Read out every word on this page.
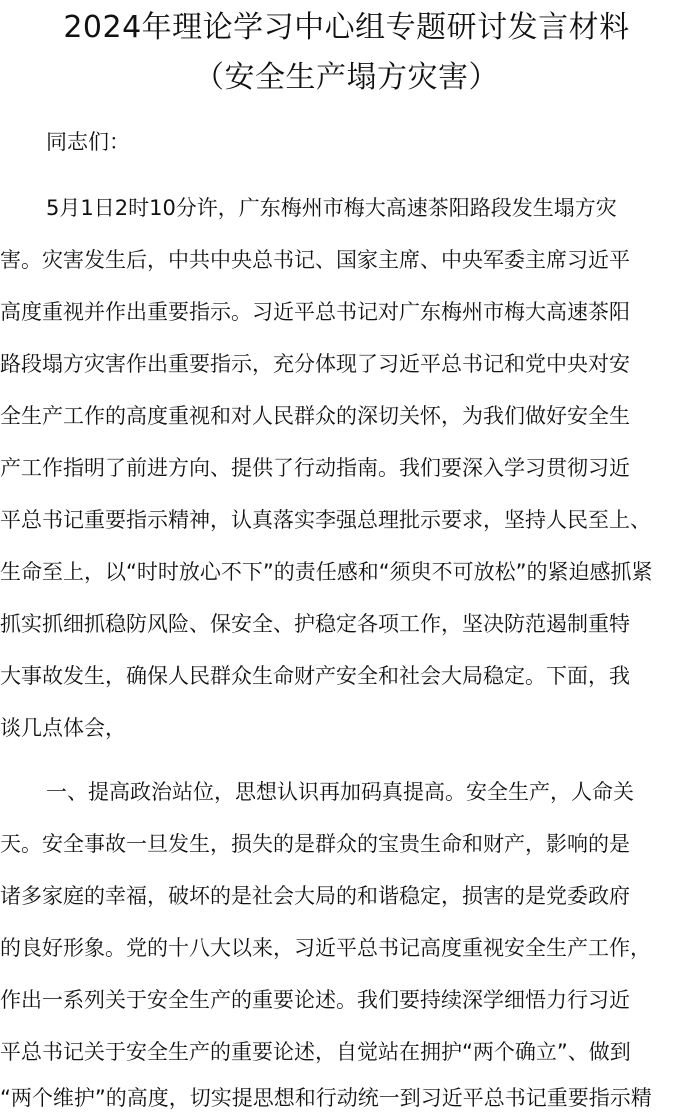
2024年理论学习中心组专题研讨发言材料
（安全生产塌方灾害）
同志们：
5月1日2时10分许，广东梅州市梅大高速茶阳路段发生塌方灾
害。灾害发生后，中共中央总书记、国家主席、中央军委主席习近平
高度重视并作出重要指示。习近平总书记对广东梅州市梅大高速茶阳
路段塌方灾害作出重要指示，充分体现了习近平总书记和党中央对安
全生产工作的高度重视和对人民群众的深切关怀，为我们做好安全生
产工作指明了前进方向、提供了行动指南。我们要深入学习贯彻习近
平总书记重要指示精神，认真落实李强总理批示要求，坚持人民至上、
生命至上，以“时时放心不下”的责任感和“须臾不可放松”的紧迫感抓紧
抓实抓细抓稳防风险、保安全、护稳定各项工作，坚决防范遏制重特
大事故发生，确保人民群众生命财产安全和社会大局稳定。下面，我
谈几点体会，
一、提高政治站位，思想认识再加码真提高。安全生产，人命关
天。安全事故一旦发生，损失的是群众的宝贵生命和财产，影响的是
诸多家庭的幸福，破坏的是社会大局的和谐稳定，损害的是党委政府
的良好形象。党的十八大以来，习近平总书记高度重视安全生产工作，
作出一系列关于安全生产的重要论述。我们要持续深学细悟力行习近
平总书记关于安全生产的重要论述，自觉站在拥护“两个确立”、做到
“两个维护”的高度，切实提思想和行动统一到习近平总书记重要指示精
